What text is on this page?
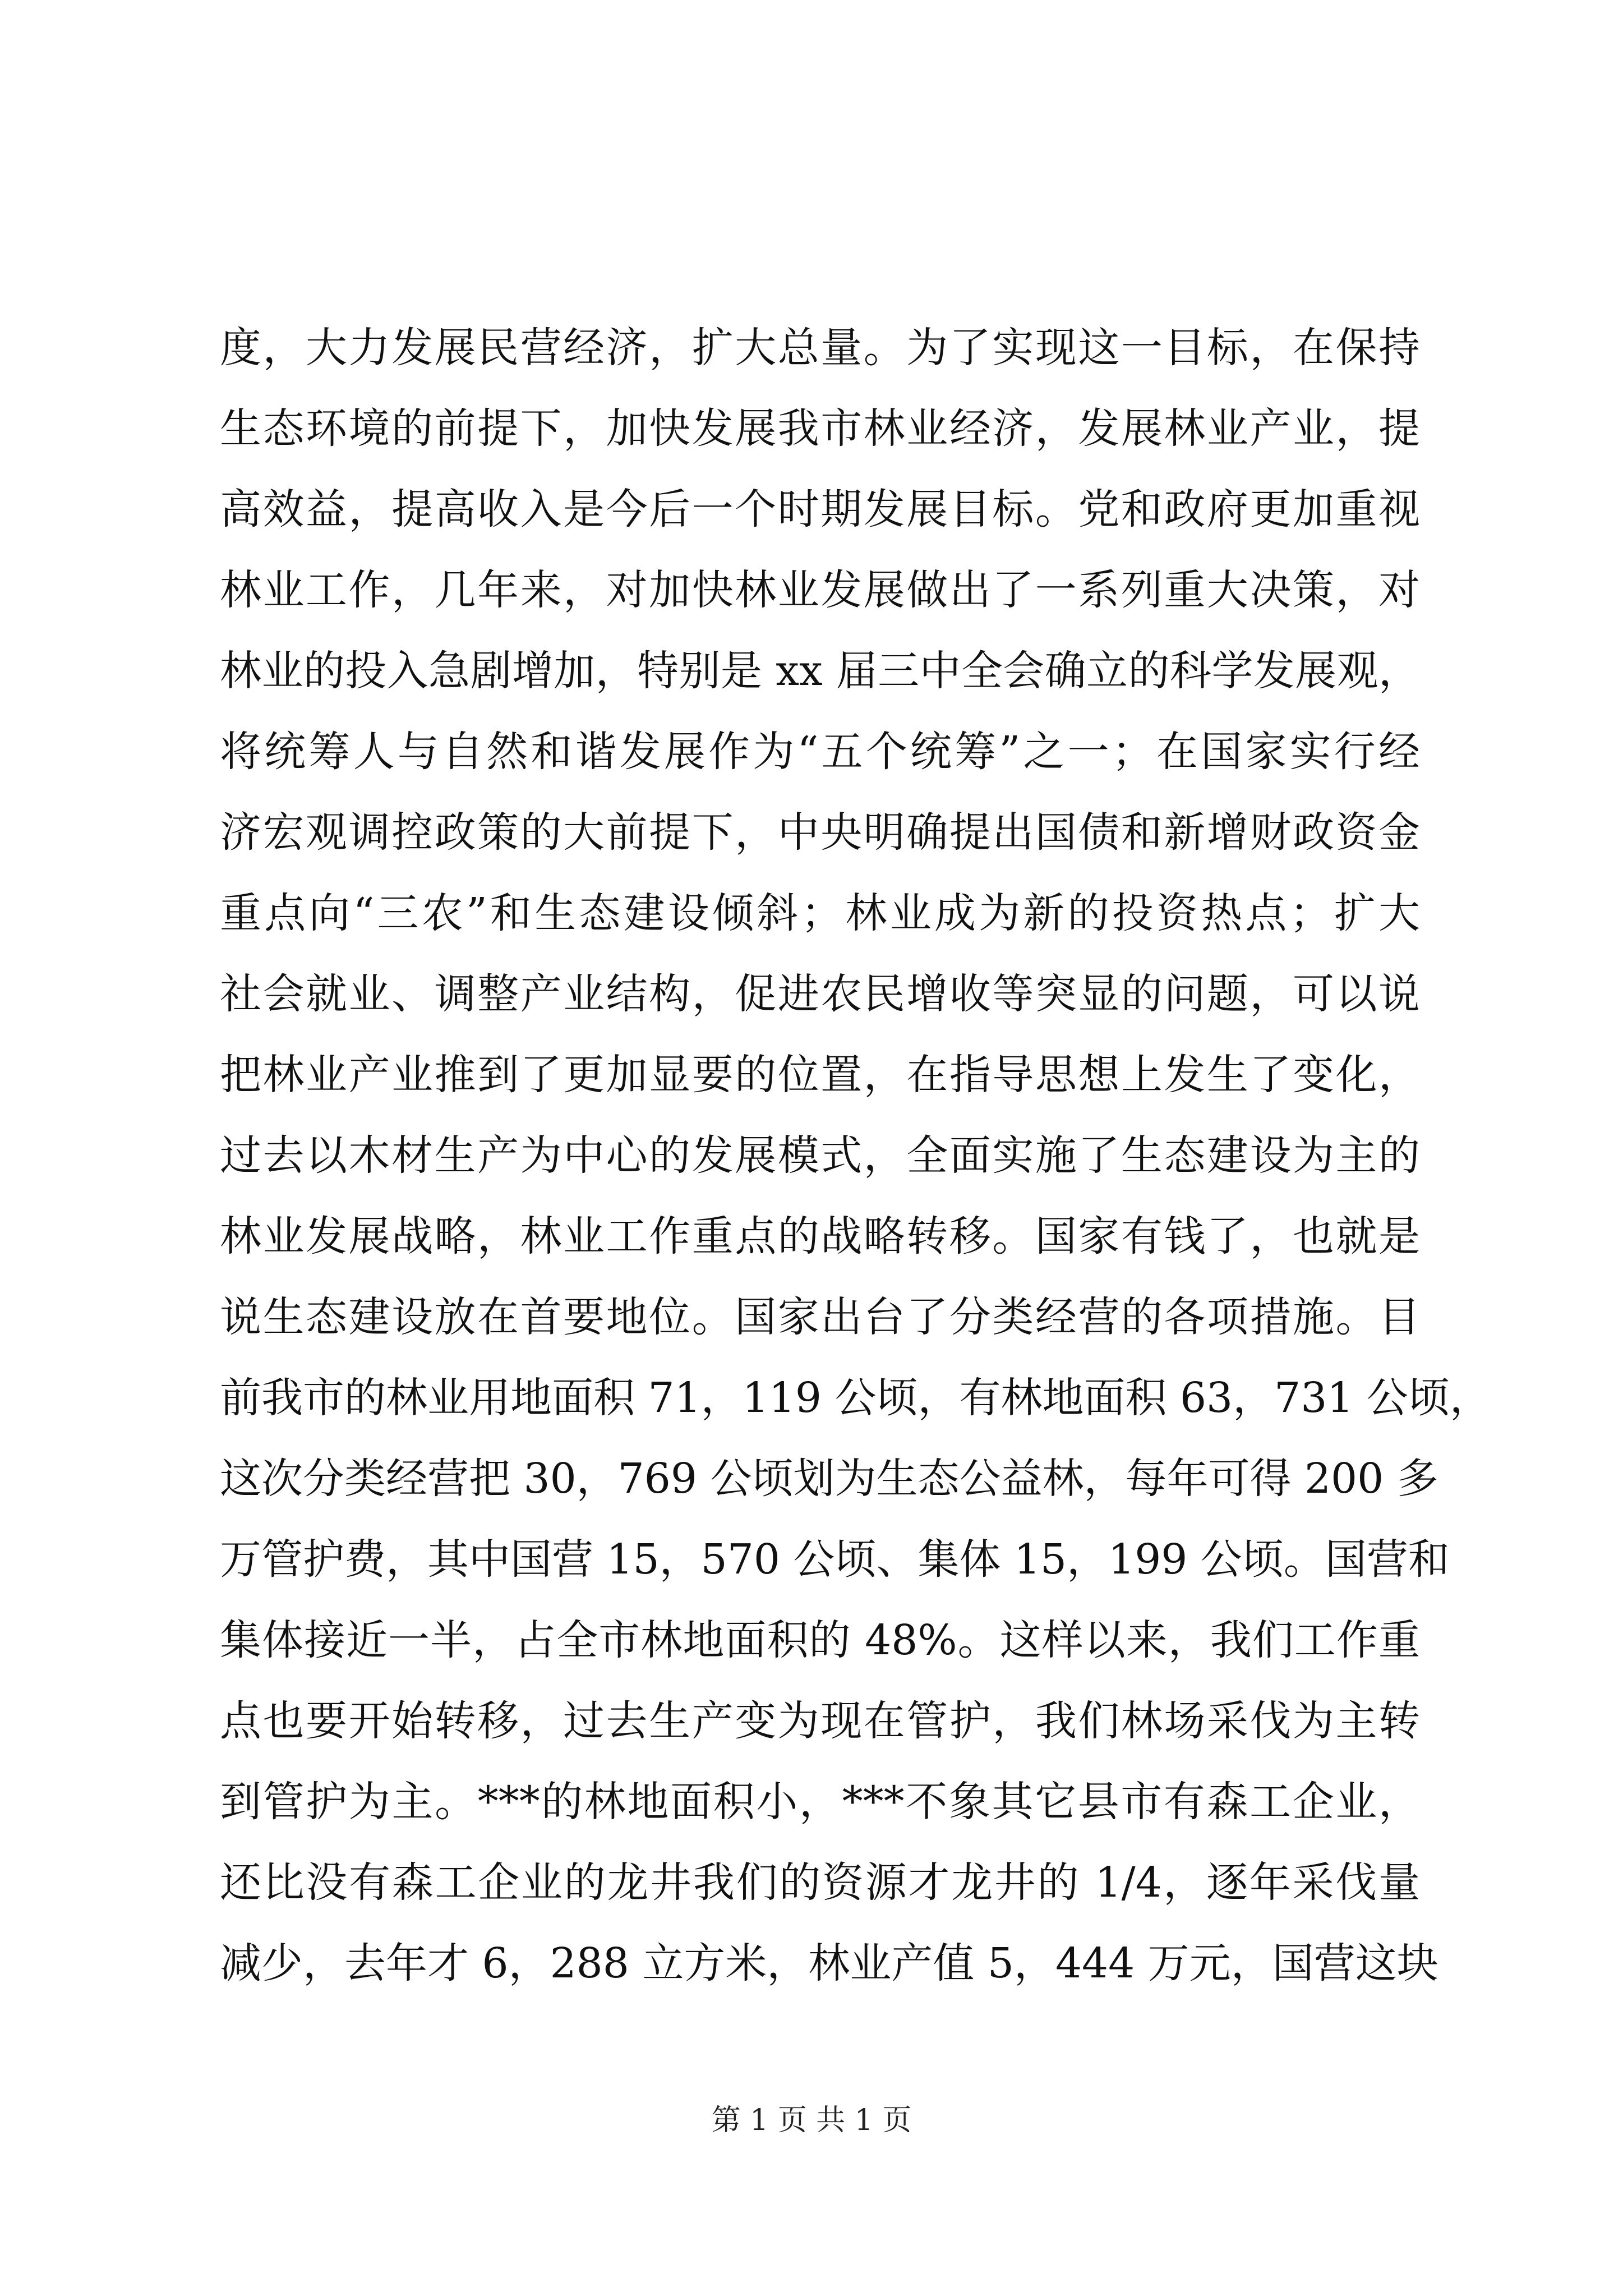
度，大力发展民营经济，扩大总量。为了实现这一目标，在保持
生态环境的前提下，加快发展我市林业经济，发展林业产业，提
高效益，提高收入是今后一个时期发展目标。党和政府更加重视
林业工作，几年来，对加快林业发展做出了一系列重大决策，对
林业的投入急剧增加，特别是 xx 届三中全会确立的科学发展观，
将统筹人与自然和谐发展作为“五个统筹”之一；在国家实行经
济宏观调控政策的大前提下，中央明确提出国债和新增财政资金
重点向“三农”和生态建设倾斜；林业成为新的投资热点；扩大
社会就业、调整产业结构，促进农民增收等突显的问题，可以说
把林业产业推到了更加显要的位置，在指导思想上发生了变化，
过去以木材生产为中心的发展模式，全面实施了生态建设为主的
林业发展战略，林业工作重点的战略转移。国家有钱了，也就是
说生态建设放在首要地位。国家出台了分类经营的各项措施。目
前我市的林业用地面积 71，119 公顷，有林地面积 63，731 公顷，
这次分类经营把 30，769 公顷划为生态公益林，每年可得 200 多
万管护费，其中国营 15，570 公顷、集体 15，199 公顷。国营和
集体接近一半，占全市林地面积的 48%。这样以来，我们工作重
点也要开始转移，过去生产变为现在管护，我们林场采伐为主转
到管护为主。***的林地面积小，***不象其它县市有森工企业，
还比没有森工企业的龙井我们的资源才龙井的 1/4，逐年采伐量
减少，去年才 6，288 立方米，林业产值 5，444 万元，国营这块
第 1 页 共 1 页
